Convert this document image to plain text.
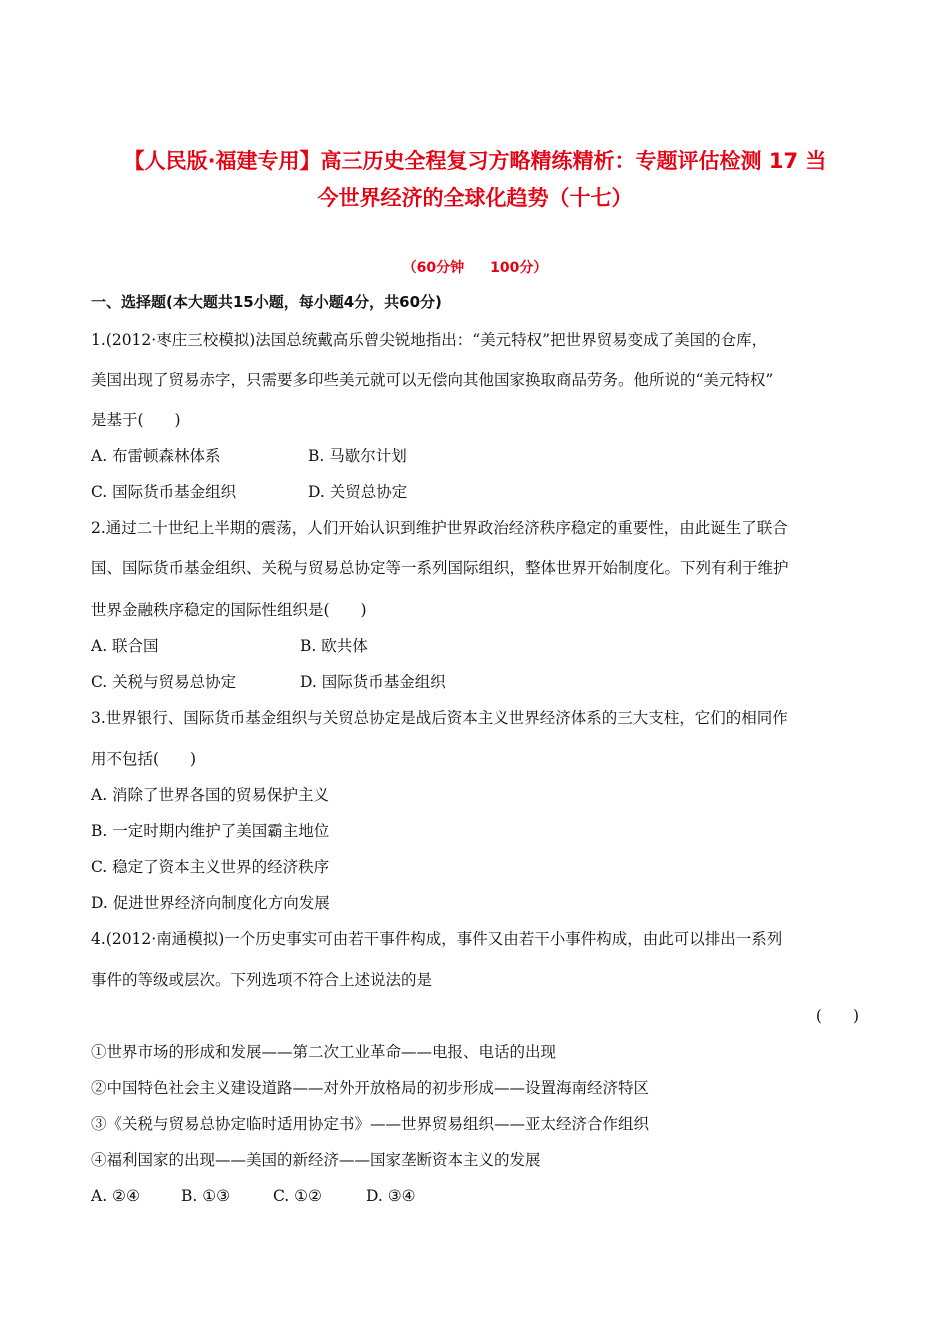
【人民版·福建专用】高三历史全程复习方略精练精析：专题评估检测 17 当
今世界经济的全球化趋势（十七）
（60分钟 100分）
一、选择题(本大题共15小题，每小题4分，共60分)
1.(2012·枣庄三校模拟)法国总统戴高乐曾尖锐地指出：“美元特权”把世界贸易变成了美国的仓库，
美国出现了贸易赤字，只需要多印些美元就可以无偿向其他国家换取商品劳务。他所说的“美元特权”
是基于(　　)
A. 布雷顿森林体系	B. 马歇尔计划
C. 国际货币基金组织	D. 关贸总协定
2.通过二十世纪上半期的震荡，人们开始认识到维护世界政治经济秩序稳定的重要性，由此诞生了联合
国、国际货币基金组织、关税与贸易总协定等一系列国际组织，整体世界开始制度化。下列有利于维护
世界金融秩序稳定的国际性组织是(　　)
A. 联合国	B. 欧共体
C. 关税与贸易总协定	D. 国际货币基金组织
3.世界银行、国际货币基金组织与关贸总协定是战后资本主义世界经济体系的三大支柱，它们的相同作
用不包括(　　)
A. 消除了世界各国的贸易保护主义
B. 一定时期内维护了美国霸主地位
C. 稳定了资本主义世界的经济秩序
D. 促进世界经济向制度化方向发展
4.(2012·南通模拟)一个历史事实可由若干事件构成，事件又由若干小事件构成，由此可以排出一系列
事件的等级或层次。下列选项不符合上述说法的是
(　　)
①世界市场的形成和发展——第二次工业革命——电报、电话的出现
②中国特色社会主义建设道路——对外开放格局的初步形成——设置海南经济特区
③《关税与贸易总协定临时适用协定书》——世界贸易组织——亚太经济合作组织
④福利国家的出现——美国的新经济——国家垄断资本主义的发展
A. ②④	B. ①③	C. ①②	D. ③④
